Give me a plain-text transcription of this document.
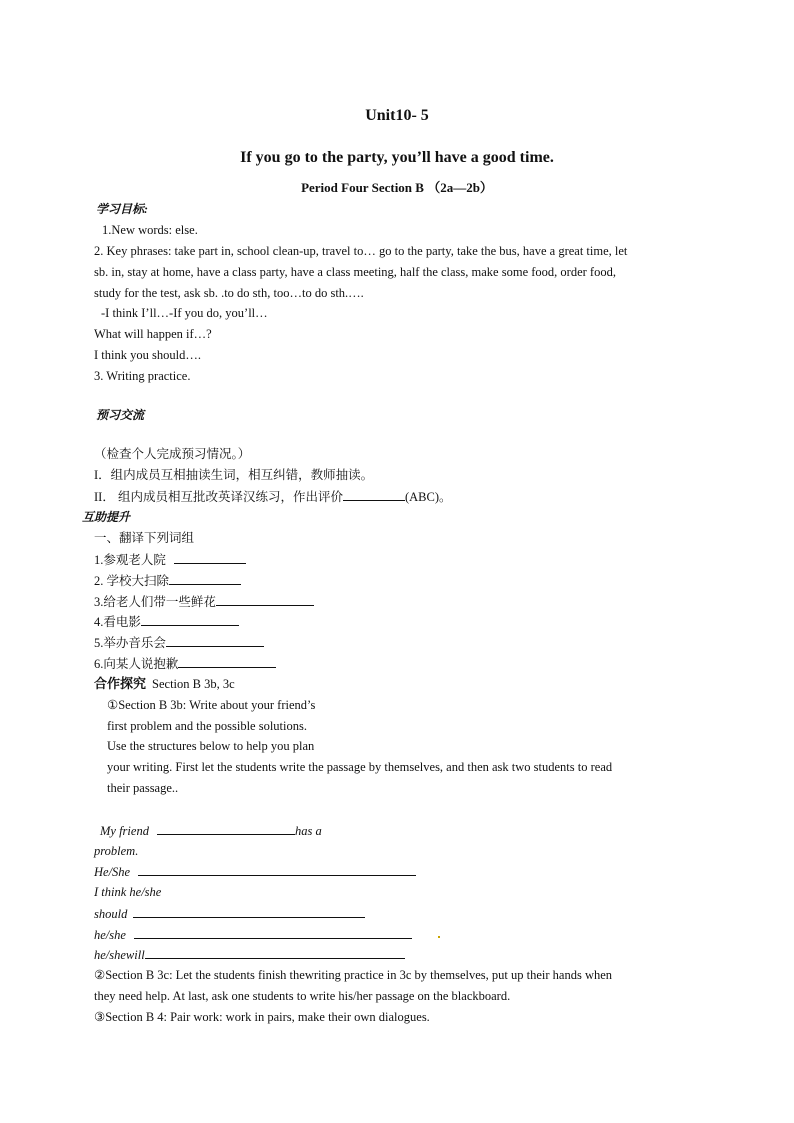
Unit10- 5
If you go to the party, you’ll have a good time.
Period Four Section B （2a—2b）
学习目标:
1.New words: else.
2. Key phrases: take part in, school clean-up, travel to… go to the party, take the bus, have a great time, let
sb. in, stay at home, have a class party, have a class meeting, half the class, make some food, order food,
study for the test, ask sb. .to do sth, too…to do sth.….
-I think I’ll…-If you do, you’ll…
What will happen if…?
I think you should….
3. Writing practice.
预习交流
（检查个人完成预习情况。）
I．组内成员互相抽读生词，相互纠错，教师抽读。
II． 组内成员相互批改英译汉练习，作出评价	(ABC)。
互助提升
一、翻译下列词组
1.参观老人院
2. 学校大扫除
3.给老人们带一些鲜花
4.看电影
5.举办音乐会
6.向某人说抱歉
合作探究 Section B 3b, 3c
①Section B 3b: Write about your friend’s
first problem and the possible solutions.
Use the structures below to help you plan
your writing. First let the students write the passage by themselves, and then ask two students to read
their passage..
My friend	has a
problem.
He/She
I think he/she
should
he/she
he/shewill
②Section B 3c: Let the students finish thewriting practice in 3c by themselves, put up their hands when
they need help. At last, ask one students to write his/her passage on the blackboard.
③Section B 4: Pair work: work in pairs, make their own dialogues.
